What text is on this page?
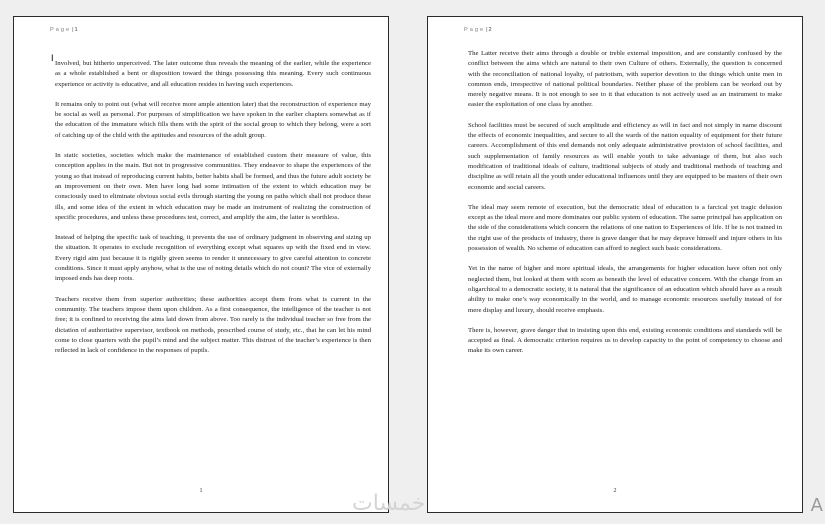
Page|1
I

Involved, but hitherto unperceived. The later outcome thus reveals the meaning of the earlier, while the experience as a whole established a bent or disposition toward the things possessing this meaning. Every such continuous experience or activity is educative, and all education resides in having such experiences.

It remains only to point out (what will receive more ample attention later) that the reconstruction of experience may be social as well as personal. For purposes of simplification we have spoken in the earlier chapters somewhat as if the education of the immature which fills them with the spirit of the social group to which they belong, were a sort of catching up of the child with the aptitudes and resources of the adult group.

In static societies, societies which make the maintenance of established custom their measure of value, this conception applies in the main. But not in progressive communities. They endeavor to shape the experiences of the young so that instead of reproducing current habits, better habits shall be formed, and thus the future adult society be an improvement on their own. Men have long had some intimation of the extent to which education may be consciously used to eliminate obvious social evils through starting the young on paths which shall not produce these ills, and some idea of the extent in which education may be made an instrument of realizing the construction of specific procedures, and unless these procedures test, correct, and amplify the aim, the latter is worthless.

Instead of helping the specific task of teaching, it prevents the use of ordinary judgment in observing and sizing up the situation. It operates to exclude recognition of everything except what squares up with the fixed end in view. Every rigid aim just because it is rigidly given seems to render it unnecessary to give careful attention to concrete conditions. Since it must apply anyhow, what is the use of noting details which do not count? The vice of externally imposed ends has deep roots.

Teachers receive them from superior authorities; these authorities accept them from what is current in the community. The teachers impose them upon children. As a first consequence, the intelligence of the teacher is not free; it is confined to receiving the aims laid down from above. Too rarely is the individual teacher so free from the dictation of authoritative supervisor, textbook on methods, prescribed course of study, etc., that he can let his mind come to close quarters with the pupil’s mind and the subject matter. This distrust of the teacher’s experience is then reflected in lack of confidence in the responses of pupils.

1
Page|2

The Latter receive their aims through a double or treble external imposition, and are constantly confused by the conflict between the aims which are natural to their own Culture of others. Externally, the question is concerned with the reconciliation of national loyalty, of patriotism, with superior devotion to the things which unite men in common ends, irrespective of national political boundaries. Neither phase of the problem can be worked out by merely negative means. It is not enough to see to it that education is not actively used as an instrument to make easier the exploitation of one class by another.

School facilities must be secured of such amplitude and efficiency as will in fact and not simply in name discount the effects of economic inequalities, and secure to all the wards of the nation equality of equipment for their future careers. Accomplishment of this end demands not only adequate administrative provision of school facilities, and such supplementation of family resources as will enable youth to take advantage of them, but also such modification of traditional ideals of culture, traditional subjects of study and traditional methods of teaching and discipline as will retain all the youth under educational influences until they are equipped to be masters of their own economic and social careers.

The ideal may seem remote of execution, but the democratic ideal of education is a farcical yet tragic delusion except as the ideal more and more dominates our public system of education. The same principal has application on the side of the considerations which concern the relations of one nation to Experiences of life. If he is not trained in the right use of the products of industry, there is grave danger that he may deprave himself and injure others in his possession of wealth. No scheme of education can afford to neglect such basic considerations.

Yet in the name of higher and more spiritual ideals, the arrangements for higher education have often not only neglected them, but looked at them with scorn as beneath the level of educative concern. With the change from an oligarchical to a democratic society, it is natural that the significance of an education which should have as a result ability to make one’s way economically in the world, and to manage economic resources usefully instead of for mere display and luxury, should receive emphasis.

There is, however, grave danger that in insisting upon this end, existing economic conditions and standards will be accepted as final. A democratic criterion requires us to develop capacity to the point of competency to choose and make its own career.

2
خمسات	A
